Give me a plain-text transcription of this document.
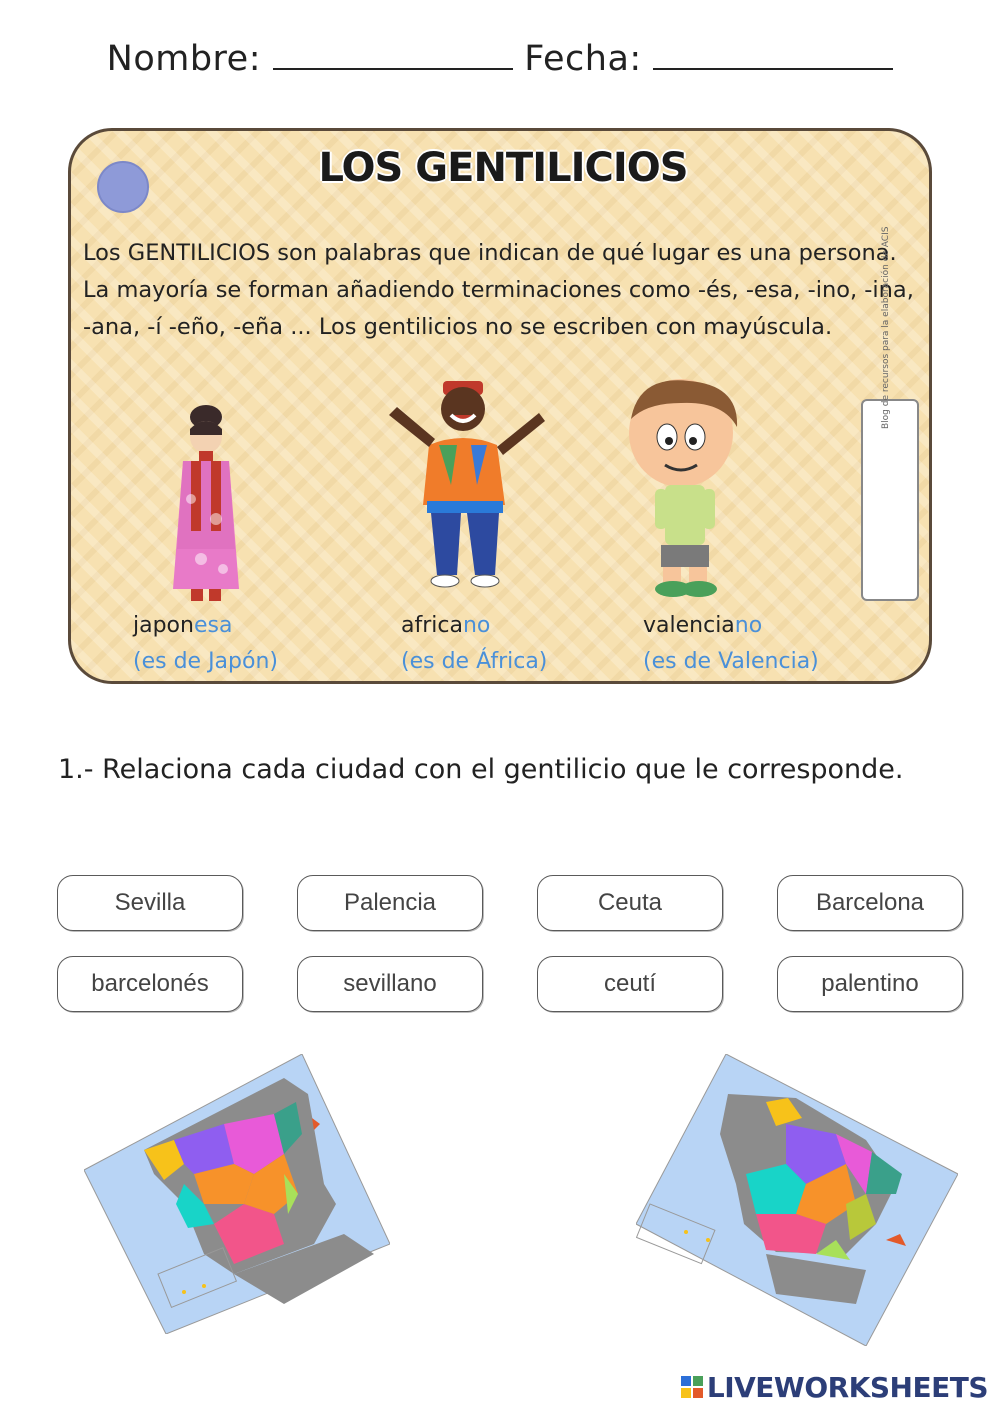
Nombre:	Fecha:
LOS GENTILICIOS
Los GENTILICIOS son palabras que indican de qué lugar es una persona. La mayoría se forman añadiendo terminaciones como -és, -esa, -ino, -ina, -ana, -í -eño, -eña ... Los gentilicios no se escriben con mayúscula.
japonesa
(es de Japón)
africano
(es de África)
valenciano
(es de Valencia)
Blog de recursos para la elaboración de ACIS
1.- Relaciona cada ciudad con el gentilicio que le corresponde.
Sevilla	Palencia	Ceuta	Barcelona
barcelonés	sevillano	ceutí	palentino
LIVEWORKSHEETS
